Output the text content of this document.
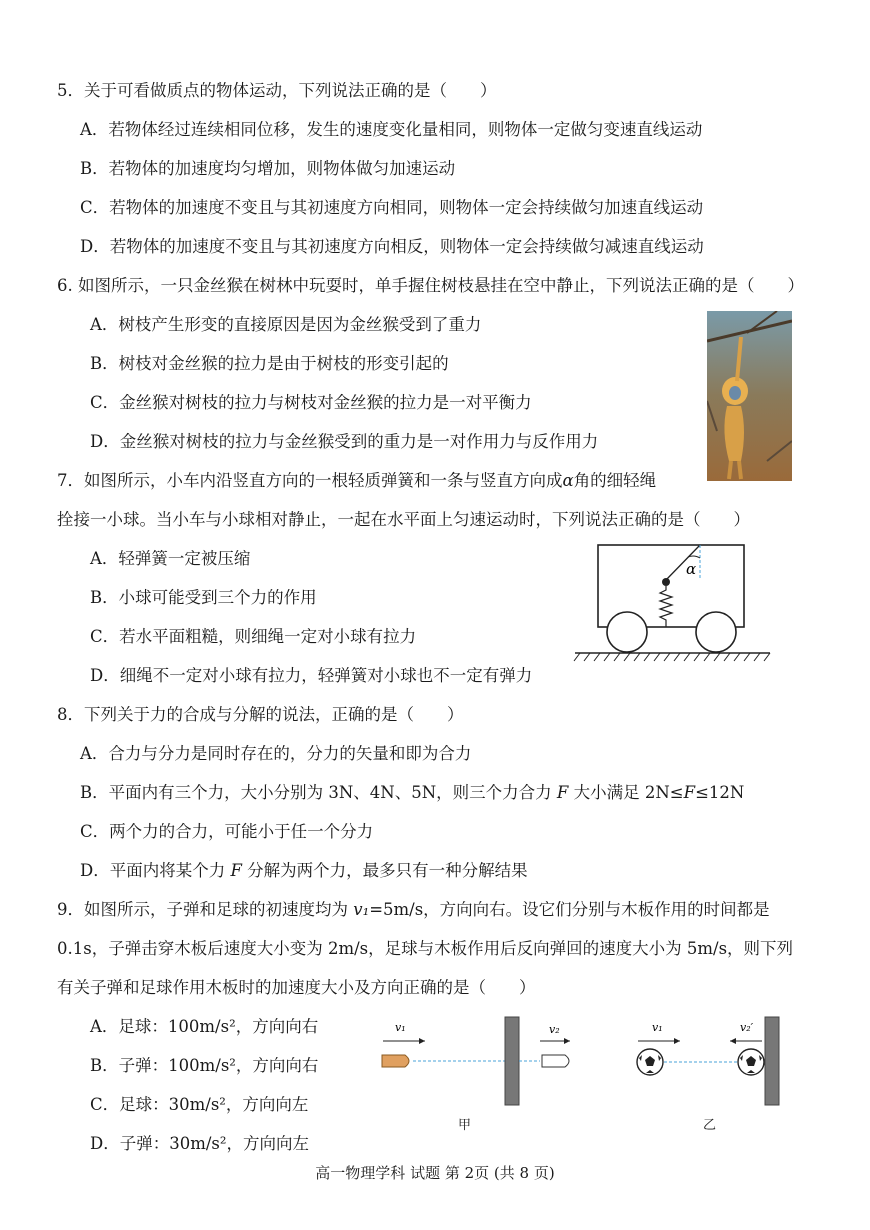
5．关于可看做质点的物体运动，下列说法正确的是（　　）
A．若物体经过连续相同位移，发生的速度变化量相同，则物体一定做匀变速直线运动
B．若物体的加速度均匀增加，则物体做匀加速运动
C．若物体的加速度不变且与其初速度方向相同，则物体一定会持续做匀加速直线运动
D．若物体的加速度不变且与其初速度方向相反，则物体一定会持续做匀减速直线运动
6. 如图所示，一只金丝猴在树林中玩耍时，单手握住树枝悬挂在空中静止，下列说法正确的是（　　）
A．树枝产生形变的直接原因是因为金丝猴受到了重力
B．树枝对金丝猴的拉力是由于树枝的形变引起的
C．金丝猴对树枝的拉力与树枝对金丝猴的拉力是一对平衡力
D．金丝猴对树枝的拉力与金丝猴受到的重力是一对作用力与反作用力
7．如图所示，小车内沿竖直方向的一根轻质弹簧和一条与竖直方向成α角的细轻绳
拴接一小球。当小车与小球相对静止，一起在水平面上匀速运动时，下列说法正确的是（　　）
A．轻弹簧一定被压缩
B．小球可能受到三个力的作用
C．若水平面粗糙，则细绳一定对小球有拉力
D．细绳不一定对小球有拉力，轻弹簧对小球也不一定有弹力
α
8．下列关于力的合成与分解的说法，正确的是（　　）
A．合力与分力是同时存在的，分力的矢量和即为合力
B．平面内有三个力，大小分别为 3N、4N、5N，则三个力合力 F 大小满足 2N≤F≤12N
C．两个力的合力，可能小于任一个分力
D．平面内将某个力 F 分解为两个力，最多只有一种分解结果
9．如图所示，子弹和足球的初速度均为 v₁=5m/s，方向向右。设它们分别与木板作用的时间都是
0.1s，子弹击穿木板后速度大小变为 2m/s，足球与木板作用后反向弹回的速度大小为 5m/s，则下列
有关子弹和足球作用木板时的加速度大小及方向正确的是（　　）
A．足球：100m/s²，方向向右
B．子弹：100m/s²，方向向右
C．足球：30m/s²，方向向左
D．子弹：30m/s²，方向向左
v₁	v₂
甲
v₁	v₂′
乙
高一物理学科 试题 第 2页 (共 8 页)
